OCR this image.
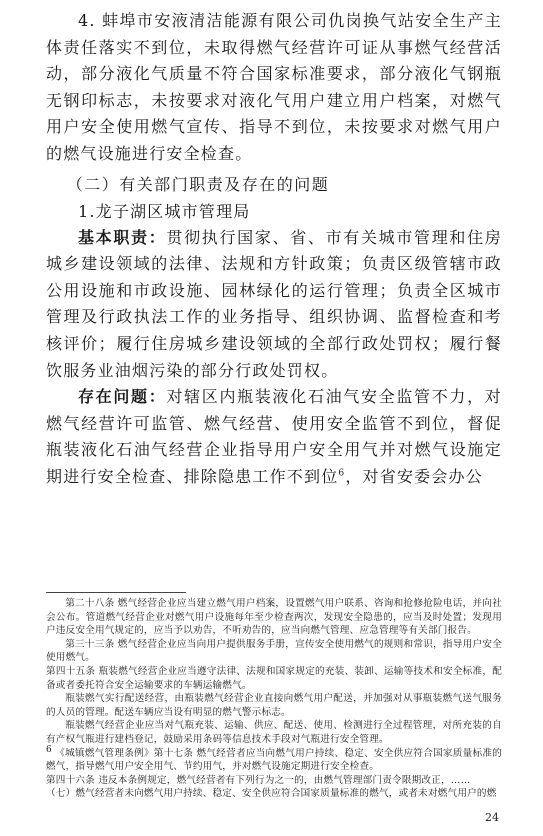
4. 蚌埠市安液清洁能源有限公司仇岗换气站安全生产主体责任落实不到位，未取得燃气经营许可证从事燃气经营活动，部分液化气质量不符合国家标准要求，部分液化气钢瓶无钢印标志，未按要求对液化气用户建立用户档案，对燃气用户安全使用燃气宣传、指导不到位，未按要求对燃气用户的燃气设施进行安全检查。

（二）有关部门职责及存在的问题

1.龙子湖区城市管理局

基本职责：贯彻执行国家、省、市有关城市管理和住房城乡建设领域的法律、法规和方针政策；负责区级管辖市政公用设施和市政设施、园林绿化的运行管理；负责全区城市管理及行政执法工作的业务指导、组织协调、监督检查和考核评价；履行住房城乡建设领域的全部行政处罚权；履行餐饮服务业油烟污染的部分行政处罚权。

存在问题：对辖区内瓶装液化石油气安全监管不力，对燃气经营许可监管、燃气经营、使用安全监管不到位，督促瓶装液化石油气经营企业指导用户安全用气并对燃气设施定期进行安全检查、排除隐患工作不到位$^6$，对省安委会办公

第二十八条 燃气经营企业应当建立燃气用户档案，设置燃气用户联系、咨询和抢修抢险电话，并向社会公布。管道燃气经营企业对燃气用户设施每年至少检查两次，发现安全隐患的，应当及时处置；发现用户违反安全用气规定的，应当予以劝告，不听劝告的，应当向燃气管理、应急管理等有关部门报告。

第三十三条 燃气经营企业应当向用户提供服务手册，宣传安全使用燃气的规则和常识，指导用户安全使用燃气。

第四十五条 瓶装燃气经营企业应当遵守法律、法规和国家规定的充装、装卸、运输等技术和安全标准，配备或者委托符合安全运输要求的车辆运输燃气。

瓶装燃气实行配送经营，由瓶装燃气经营企业直接向燃气用户配送，并加强对从事瓶装燃气送气服务的人员的管理。配送车辆应当设有明显的燃气警示标志。

瓶装燃气经营企业应当对气瓶充装、运输、供应、配送、使用、检测进行全过程管理，对所充装的自有产权气瓶进行建档登记，鼓励采用条码等信息技术手段对气瓶进行安全管理。

$^6$ 《城镇燃气管理条例》第十七条 燃气经营者应当向燃气用户持续、稳定、安全供应符合国家质量标准的燃气，指导燃气用户安全用气、节约用气，并对燃气设施定期进行安全检查。

第四十六条 违反本条例规定，燃气经营者有下列行为之一的，由燃气管理部门责令限期改正，……

（七）燃气经营者未向燃气用户持续、稳定、安全供应符合国家质量标准的燃气，或者未对燃气用户的燃

24
